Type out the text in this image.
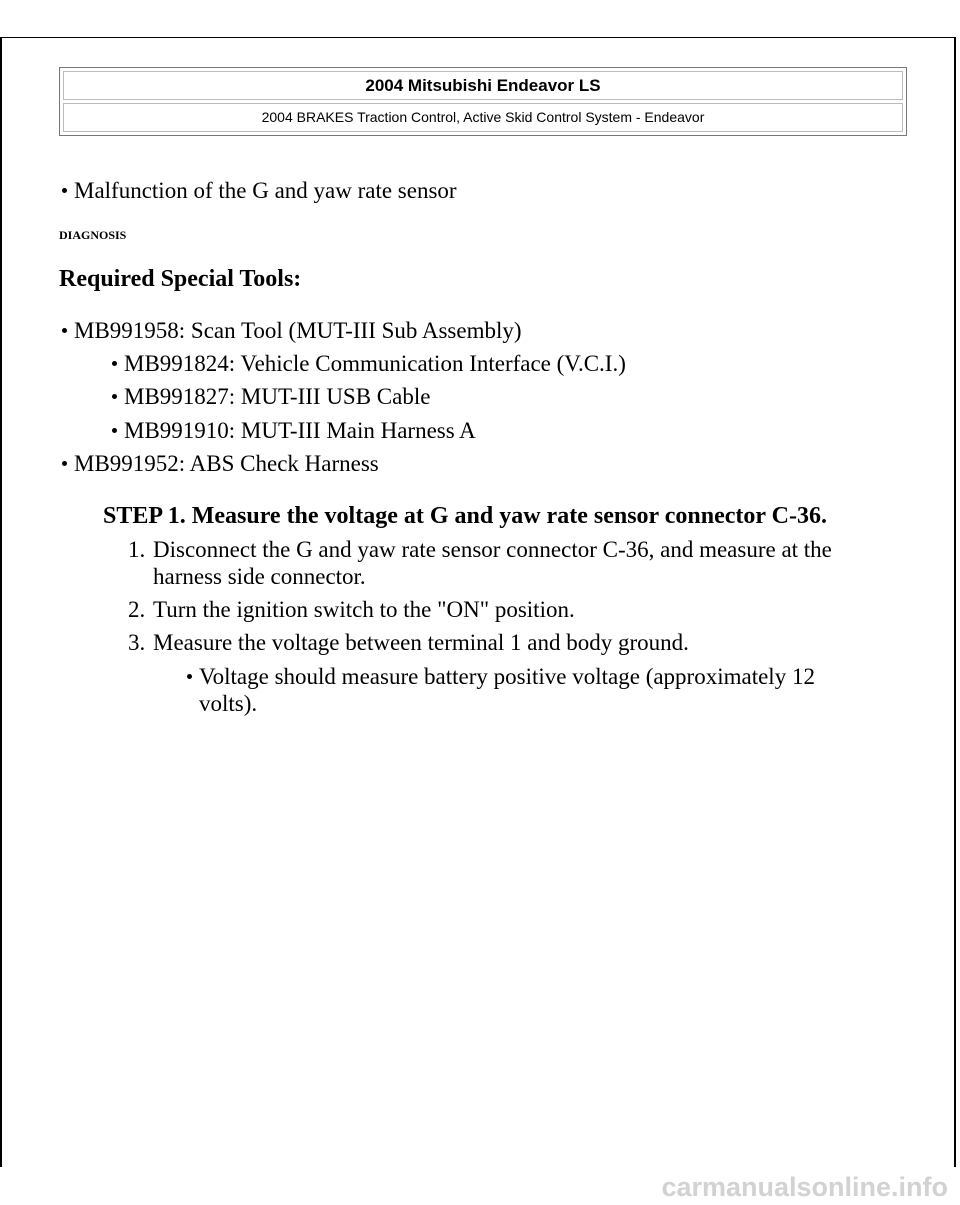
2004 Mitsubishi Endeavor LS
2004 BRAKES Traction Control, Active Skid Control System - Endeavor
Malfunction of the G and yaw rate sensor
DIAGNOSIS
Required Special Tools:
MB991958: Scan Tool (MUT-III Sub Assembly)
MB991824: Vehicle Communication Interface (V.C.I.)
MB991827: MUT-III USB Cable
MB991910: MUT-III Main Harness A
MB991952: ABS Check Harness
STEP 1. Measure the voltage at G and yaw rate sensor connector C-36.
1. Disconnect the G and yaw rate sensor connector C-36, and measure at the
harness side connector.
2. Turn the ignition switch to the "ON" position.
3. Measure the voltage between terminal 1 and body ground.
Voltage should measure battery positive voltage (approximately 12
volts).
carmanualsonline.info
